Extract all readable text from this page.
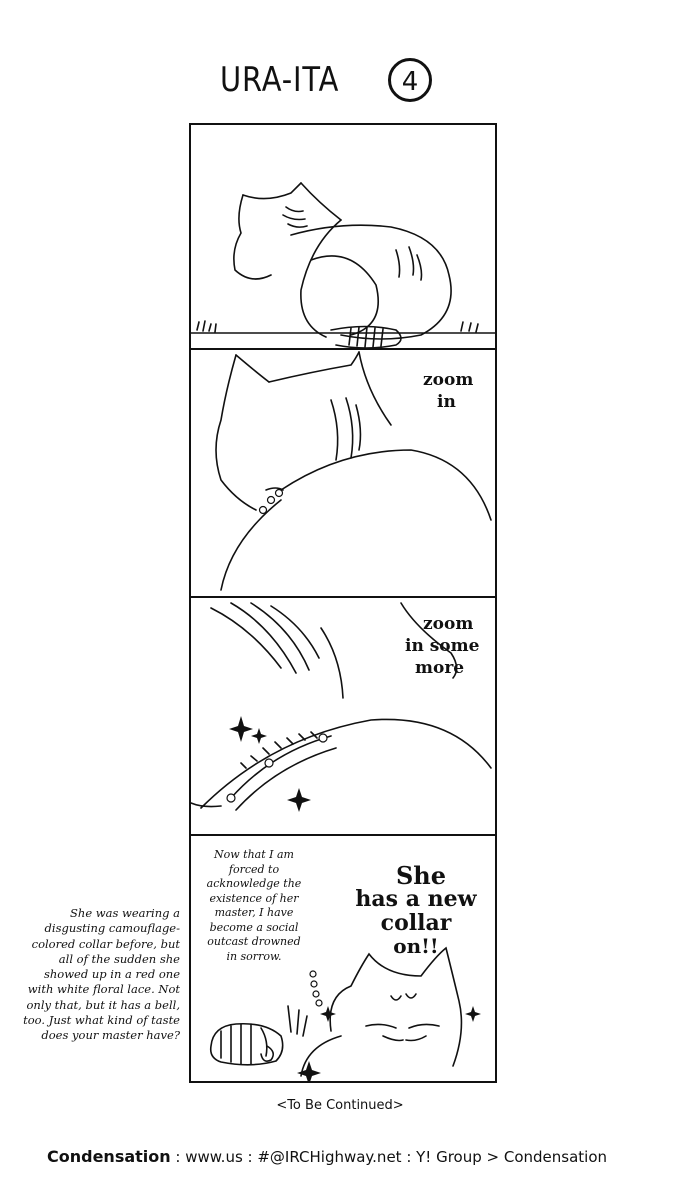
URA-ITA	4
zoom
in
zoom
in some
more
Now that I am forced to acknowledge the existence of her master, I have become a social outcast drowned in sorrow.
She
has a new
collar
on!!
She was wearing a disgusting camouflage-colored collar before, but all of the sudden she showed up in a red one with white floral lace. Not only that, but it has a bell, too. Just what kind of taste does your master have?
<To Be Continued>
Condensation : www.us : #@IRCHighway.net : Y! Group > Condensation
